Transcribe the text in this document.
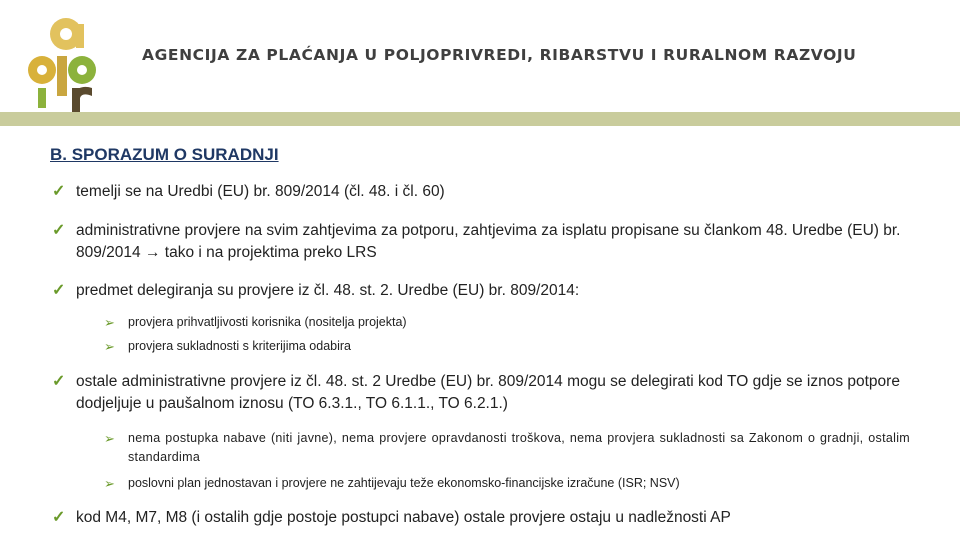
AGENCIJA ZA PLAĆANJA U POLJOPRIVREDI, RIBARSTVU I RURALNOM RAZVOJU
B. SPORAZUM O SURADNJI
✓ temelji se na Uredbi (EU) br. 809/2014 (čl. 48. i čl. 60)
✓ administrativne provjere na svim zahtjevima za potporu, zahtjevima za isplatu propisane su člankom 48. Uredbe (EU) br. 809/2014 → tako i na projektima preko LRS
✓ predmet delegiranja su provjere iz čl. 48. st. 2. Uredbe (EU) br. 809/2014:
➢ provjera prihvatljivosti korisnika (nositelja projekta)
➢ provjera sukladnosti s kriterijima odabira
✓ ostale administrativne provjere iz čl. 48. st. 2 Uredbe (EU) br. 809/2014 mogu se delegirati kod TO gdje se iznos potpore dodjeljuje u paušalnom iznosu (TO 6.3.1., TO 6.1.1., TO 6.2.1.)
➢ nema postupka nabave (niti javne), nema provjere opravdanosti troškova, nema provjera sukladnosti sa Zakonom o gradnji, ostalim standardima
➢ poslovni plan jednostavan i provjere ne zahtijevaju teže ekonomsko-financijske izračune (ISR; NSV)
✓ kod M4, M7, M8 (i ostalih gdje postoje postupci nabave) ostale provjere ostaju u nadležnosti AP
